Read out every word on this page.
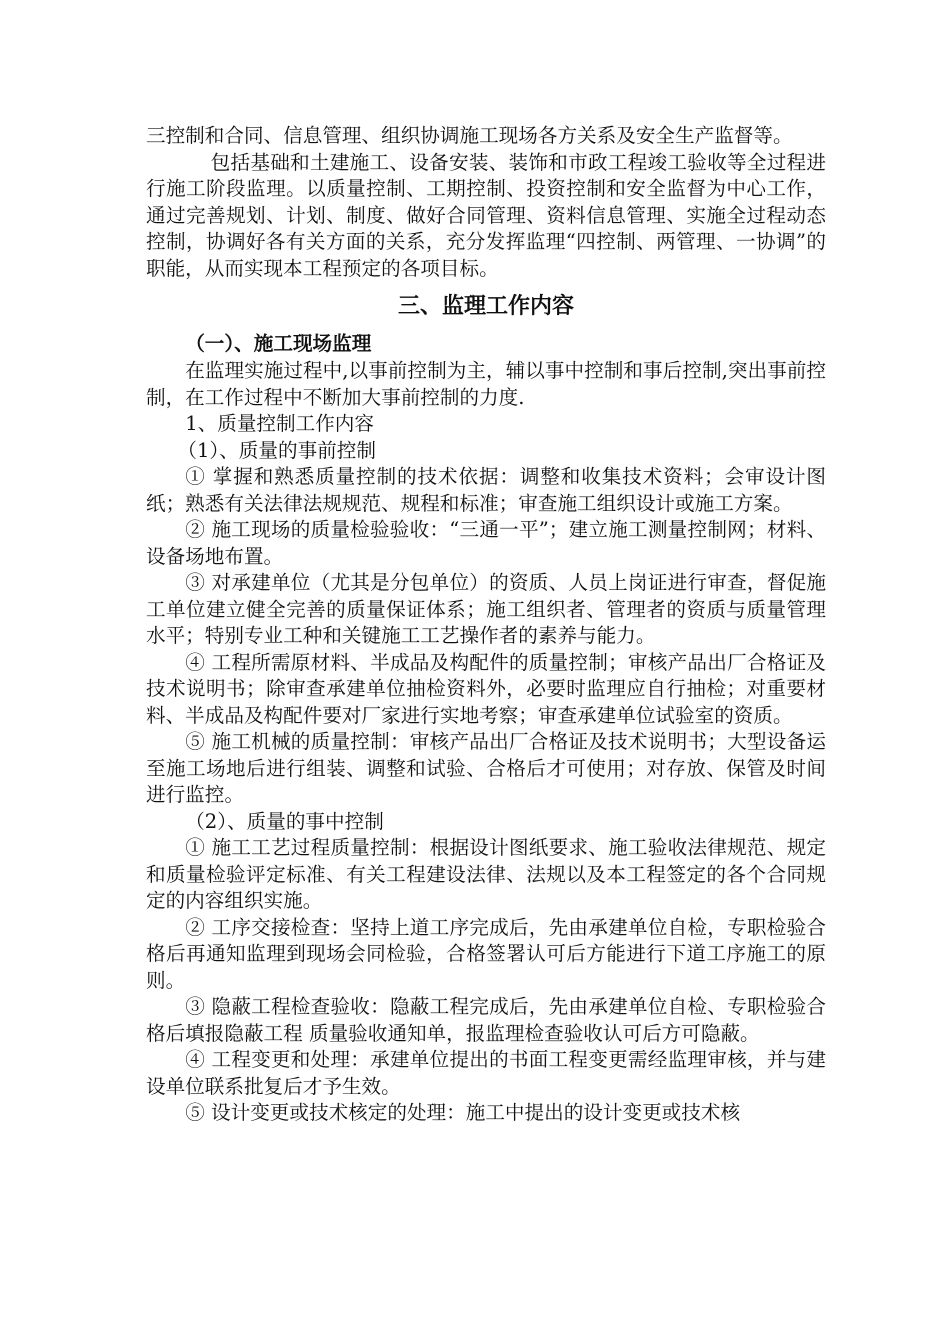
三控制和合同、信息管理、组织协调施工现场各方关系及安全生产监督等。

包括基础和土建施工、设备安装、装饰和市政工程竣工验收等全过程进行施工阶段监理。以质量控制、工期控制、投资控制和安全监督为中心工作，通过完善规划、计划、制度、做好合同管理、资料信息管理、实施全过程动态控制，协调好各有关方面的关系，充分发挥监理“四控制、两管理、一协调”的职能，从而实现本工程预定的各项目标。

三、监理工作内容
（一）、施工现场监理

在监理实施过程中,以事前控制为主，辅以事中控制和事后控制,突出事前控制，在工作过程中不断加大事前控制的力度.

1、质量控制工作内容

（1）、质量的事前控制

① 掌握和熟悉质量控制的技术依据：调整和收集技术资料；会审设计图纸；熟悉有关法律法规规范、规程和标准；审查施工组织设计或施工方案。

② 施工现场的质量检验验收：“三通一平”；建立施工测量控制网；材料、设备场地布置。

③ 对承建单位（尤其是分包单位）的资质、人员上岗证进行审查，督促施工单位建立健全完善的质量保证体系；施工组织者、管理者的资质与质量管理水平；特别专业工种和关键施工工艺操作者的素养与能力。

④ 工程所需原材料、半成品及构配件的质量控制；审核产品出厂合格证及技术说明书；除审查承建单位抽检资料外，必要时监理应自行抽检；对重要材料、半成品及构配件要对厂家进行实地考察；审查承建单位试验室的资质。

⑤ 施工机械的质量控制：审核产品出厂合格证及技术说明书；大型设备运至施工场地后进行组装、调整和试验、合格后才可使用；对存放、保管及时间进行监控。

（2）、质量的事中控制

① 施工工艺过程质量控制：根据设计图纸要求、施工验收法律规范、规定和质量检验评定标准、有关工程建设法律、法规以及本工程签定的各个合同规定的内容组织实施。

② 工序交接检查：坚持上道工序完成后，先由承建单位自检，专职检验合格后再通知监理到现场会同检验，合格签署认可后方能进行下道工序施工的原则。

③ 隐蔽工程检查验收：隐蔽工程完成后，先由承建单位自检、专职检验合格后填报隐蔽工程 质量验收通知单，报监理检查验收认可后方可隐蔽。

④ 工程变更和处理：承建单位提出的书面工程变更需经监理审核，并与建设单位联系批复后才予生效。

⑤ 设计变更或技术核定的处理：施工中提出的设计变更或技术核
